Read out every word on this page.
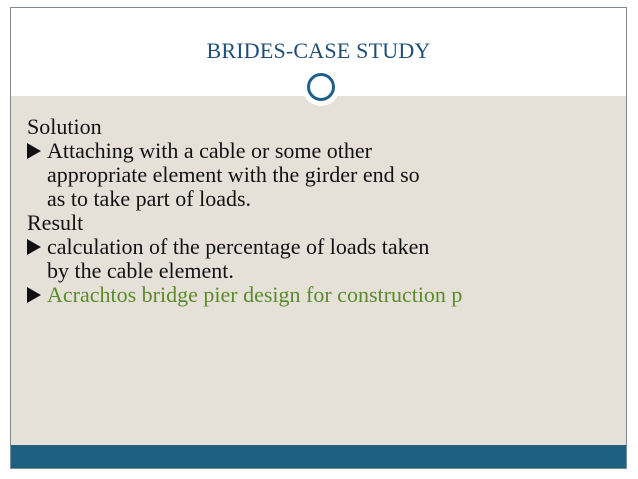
BRIDES-CASE STUDY
Solution
Attaching with a cable or some other
appropriate element with the girder end so
as to take part of loads.
Result
calculation of the percentage of loads taken
by the cable element.
Acrachtos bridge pier design for construction p
